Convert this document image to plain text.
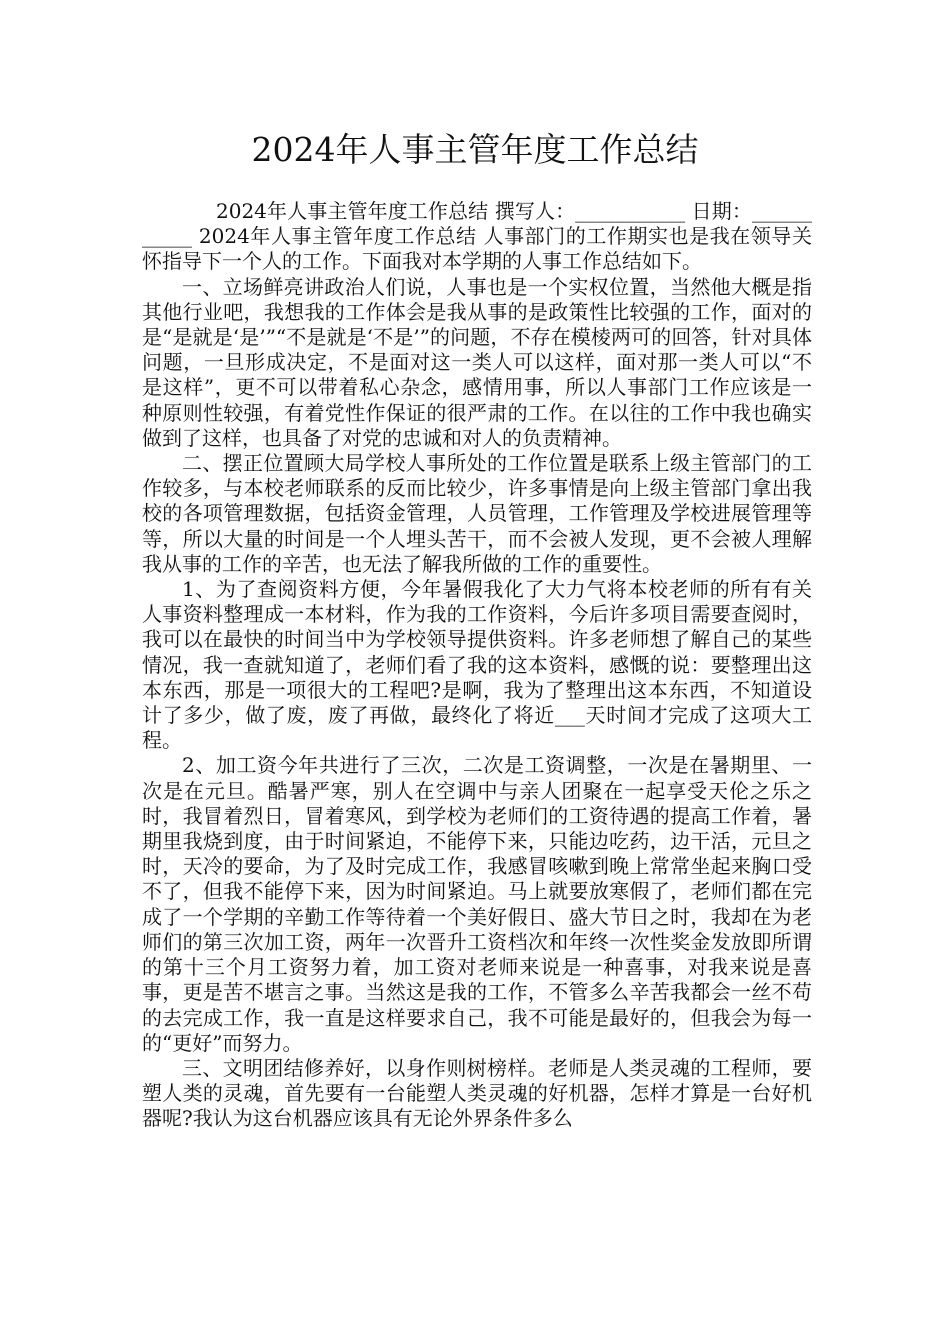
2024年人事主管年度工作总结

2024年人事主管年度工作总结 撰写人：___________ 日期：___________ 2024年人事主管年度工作总结 人事部门的工作期实也是我在领导关怀指导下一个人的工作。下面我对本学期的人事工作总结如下。

一、立场鲜亮讲政治人们说，人事也是一个实权位置，当然他大概是指其他行业吧，我想我的工作体会是我从事的是政策性比较强的工作，面对的是“是就是‘是’”“不是就是‘不是’”的问题，不存在模棱两可的回答，针对具体问题，一旦形成决定，不是面对这一类人可以这样，面对那一类人可以“不是这样”，更不可以带着私心杂念，感情用事，所以人事部门工作应该是一种原则性较强，有着党性作保证的很严肃的工作。在以往的工作中我也确实做到了这样，也具备了对党的忠诚和对人的负责精神。

二、摆正位置顾大局学校人事所处的工作位置是联系上级主管部门的工作较多，与本校老师联系的反而比较少，许多事情是向上级主管部门拿出我校的各项管理数据，包括资金管理，人员管理，工作管理及学校进展管理等等，所以大量的时间是一个人埋头苦干，而不会被人发现，更不会被人理解我从事的工作的辛苦，也无法了解我所做的工作的重要性。

1、为了查阅资料方便，今年暑假我化了大力气将本校老师的所有有关人事资料整理成一本材料，作为我的工作资料，今后许多项目需要查阅时，我可以在最快的时间当中为学校领导提供资料。许多老师想了解自己的某些情况，我一查就知道了，老师们看了我的这本资料，感慨的说：要整理出这本东西，那是一项很大的工程吧?是啊，我为了整理出这本东西，不知道设计了多少，做了废，废了再做，最终化了将近___天时间才完成了这项大工程。

2、加工资今年共进行了三次，二次是工资调整，一次是在暑期里、一次是在元旦。酷暑严寒，别人在空调中与亲人团聚在一起享受天伦之乐之时，我冒着烈日，冒着寒风，到学校为老师们的工资待遇的提高工作着，暑期里我烧到度，由于时间紧迫，不能停下来，只能边吃药，边干活，元旦之时，天冷的要命，为了及时完成工作，我感冒咳嗽到晚上常常坐起来胸口受不了，但我不能停下来，因为时间紧迫。马上就要放寒假了，老师们都在完成了一个学期的辛勤工作等待着一个美好假日、盛大节日之时，我却在为老师们的第三次加工资，两年一次晋升工资档次和年终一次性奖金发放即所谓的第十三个月工资努力着，加工资对老师来说是一种喜事，对我来说是喜事，更是苦不堪言之事。当然这是我的工作，不管多么辛苦我都会一丝不苟的去完成工作，我一直是这样要求自己，我不可能是最好的，但我会为每一的“更好”而努力。

三、文明团结修养好，以身作则树榜样。老师是人类灵魂的工程师，要塑人类的灵魂，首先要有一台能塑人类灵魂的好机器，怎样才算是一台好机器呢?我认为这台机器应该具有无论外界条件多么
